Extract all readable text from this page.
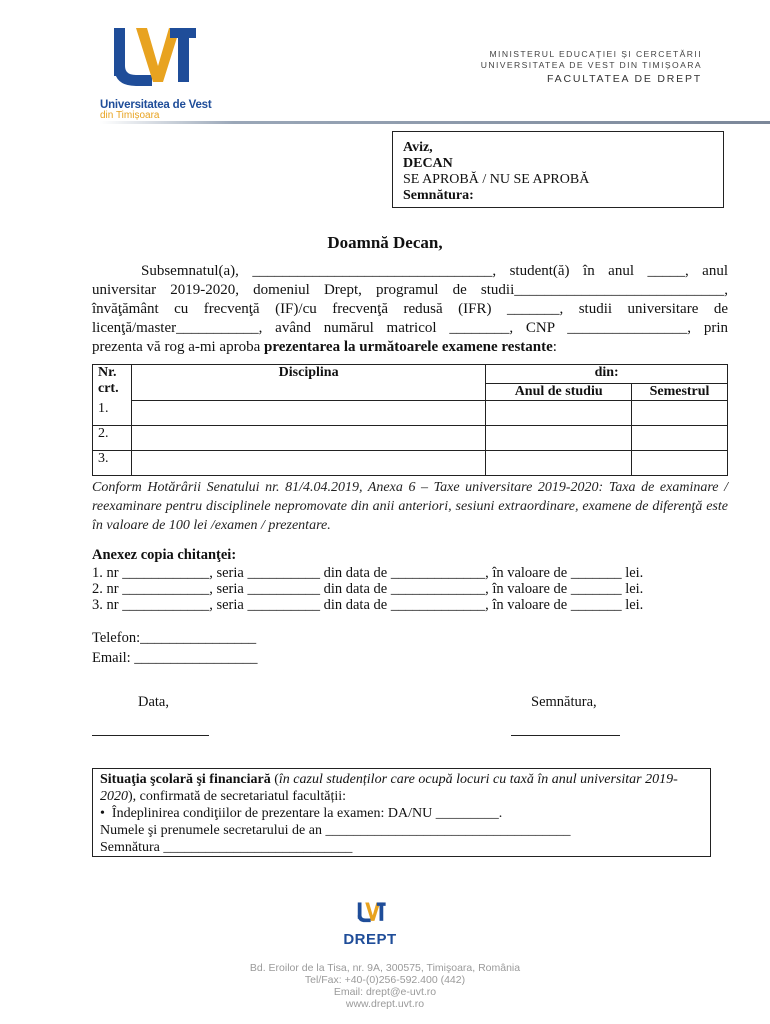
UVT
Universitatea de Vest
din Timișoara
MINISTERUL EDUCAȚIEI ȘI CERCETĂRII
UNIVERSITATEA DE VEST DIN TIMIȘOARA
FACULTATEA DE DREPT
Aviz,
DECAN
SE APROBĂ / NU SE APROBĂ
Semnătura:
Doamnă Decan,
Subsemnatul(a), ________________________________, student(ă) în anul _____, anul
universitar 2019-2020, domeniul Drept, programul de studii____________________________,
învăţământ cu frecvenţă (IF)/cu frecvenţă redusă (IFR) _______, studii universitare de
licenţă/master___________, având numărul matricol ________, CNP ________________, prin
prezenta vă rog a-mi aproba prezentarea la următoarele examene restante:
Nr.
crt.	Disciplina	din:	
		Anul de studiu	Semestrul
1.			
2.			
3.			
Conform Hotărârii Senatului nr. 81/4.04.2019, Anexa 6 – Taxe universitare 2019-2020: Taxa de examinare / reexaminare pentru disciplinele nepromovate din anii anteriori, sesiuni extraordinare, examene de diferenţă este în valoare de 100 lei /examen / prezentare.
Anexez copia chitanţei:
1. nr ____________, seria __________ din data de _____________, în valoare de _______ lei.
2. nr ____________, seria __________ din data de _____________, în valoare de _______ lei.
3. nr ____________, seria __________ din data de _____________, în valoare de _______ lei.
Telefon:________________
Email: _________________
Data,	Semnătura,
Situaţia şcolară şi financiară (în cazul studenților care ocupă locuri cu taxă în anul universitar 2019-2020), confirmată de secretariatul facultății:
•  Îndeplinirea condiţiilor de prezentare la examen: DA/NU _________.
Numele şi prenumele secretarului de an ___________________________________
Semnătura ___________________________
DREPT
Bd. Eroilor de la Tisa, nr. 9A, 300575, Timişoara, România
Tel/Fax: +40-(0)256-592.400 (442)
Email: drept@e-uvt.ro
www.drept.uvt.ro
